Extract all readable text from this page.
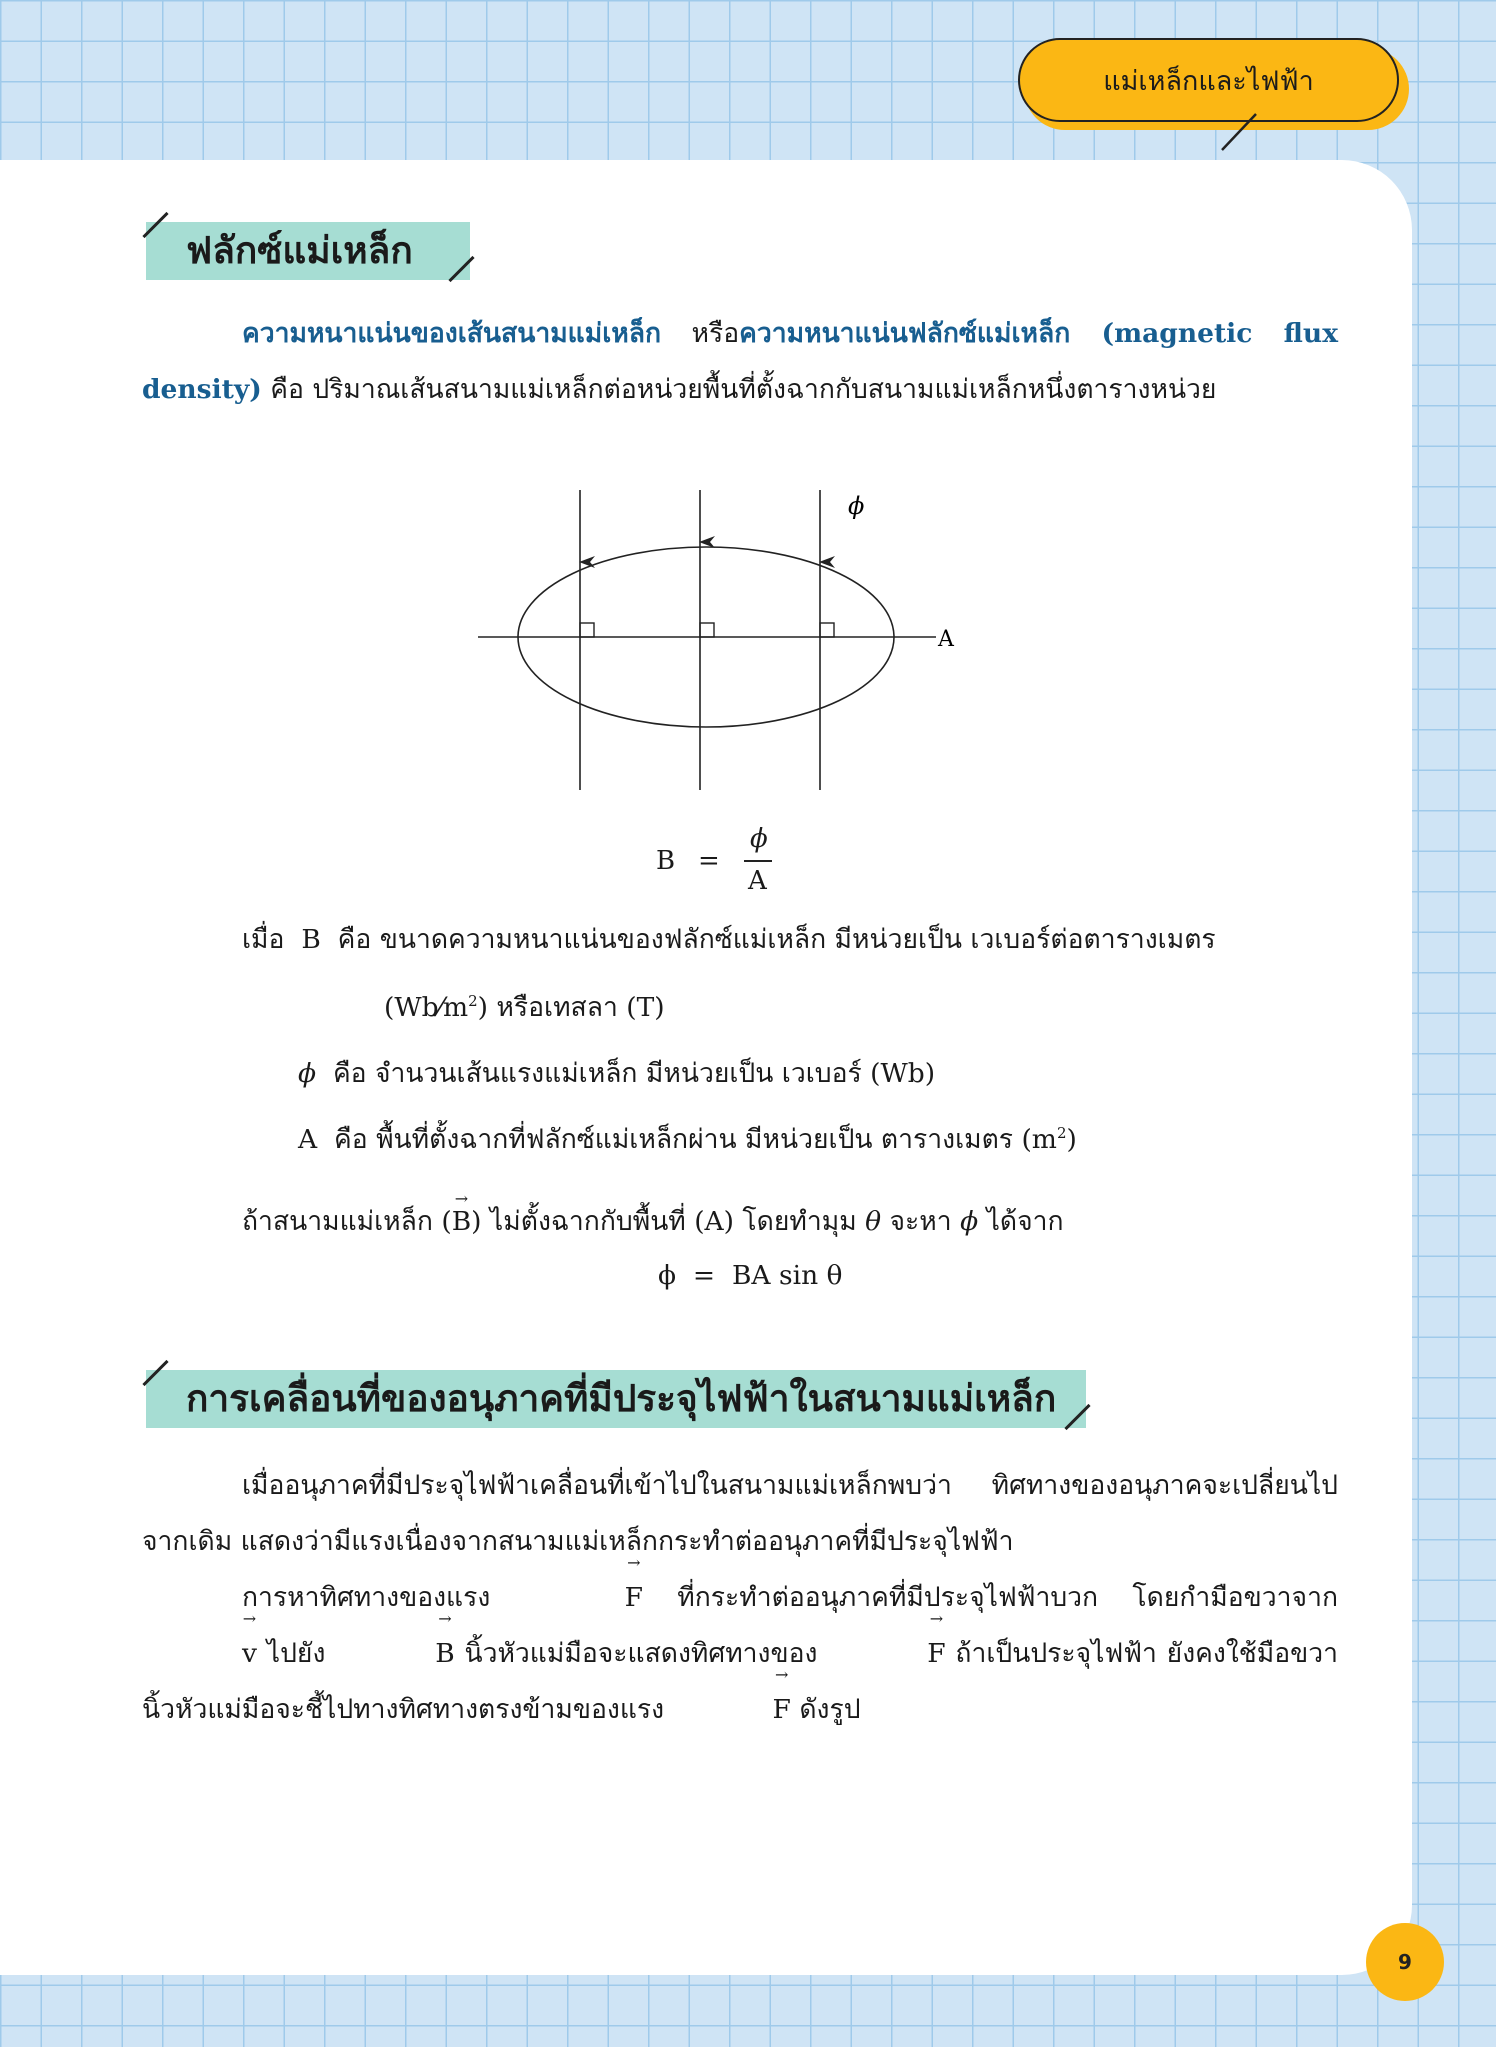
แม่เหล็กและไฟฟ้า
ฟลักซ์แม่เหล็ก
ความหนาแน่นของเส้นสนามแม่เหล็ก หรือความหนาแน่นฟลักซ์แม่เหล็ก (magnetic flux density) คือ ปริมาณเส้นสนามแม่เหล็กต่อหน่วยพื้นที่ตั้งฉากกับสนามแม่เหล็กหนึ่งตารางหน่วย
ϕ
A
B =
ϕ
A
เมื่อ B คือ ขนาดความหนาแน่นของฟลักซ์แม่เหล็ก มีหน่วยเป็น เวเบอร์ต่อตารางเมตร
$(Wb⁄m^2)$ หรือเทสลา (T)
ϕ คือ จำนวนเส้นแรงแม่เหล็ก มีหน่วยเป็น เวเบอร์ (Wb)
A คือ พื้นที่ตั้งฉากที่ฟลักซ์แม่เหล็กผ่าน มีหน่วยเป็น ตารางเมตร $(m^2)$
ถ้าสนามแม่เหล็ก (→ B) ไม่ตั้งฉากกับพื้นที่ (A) โดยทำมุม θ จะหา ϕ ได้จาก
ϕ  =  BA sin θ
การเคลื่อนที่ของอนุภาคที่มีประจุไฟฟ้าในสนามแม่เหล็ก
เมื่ออนุภาคที่มีประจุไฟฟ้าเคลื่อนที่เข้าไปในสนามแม่เหล็กพบว่า ทิศทางของอนุภาคจะเปลี่ยนไปจากเดิม แสดงว่ามีแรงเนื่องจากสนามแม่เหล็กกระทำต่ออนุภาคที่มีประจุไฟฟ้า
การหาทิศทางของแรง	→ F ที่กระทำต่ออนุภาคที่มีประจุไฟฟ้าบวก โดยกำมือขวาจาก → v ไปยัง	→ B นิ้วหัวแม่มือจะแสดงทิศทางของ	→ F ถ้าเป็นประจุไฟฟ้า ยังคงใช้มือขวา นิ้วหัวแม่มือจะชี้ไปทางทิศทางตรงข้ามของแรง	→ F ดังรูป
9
